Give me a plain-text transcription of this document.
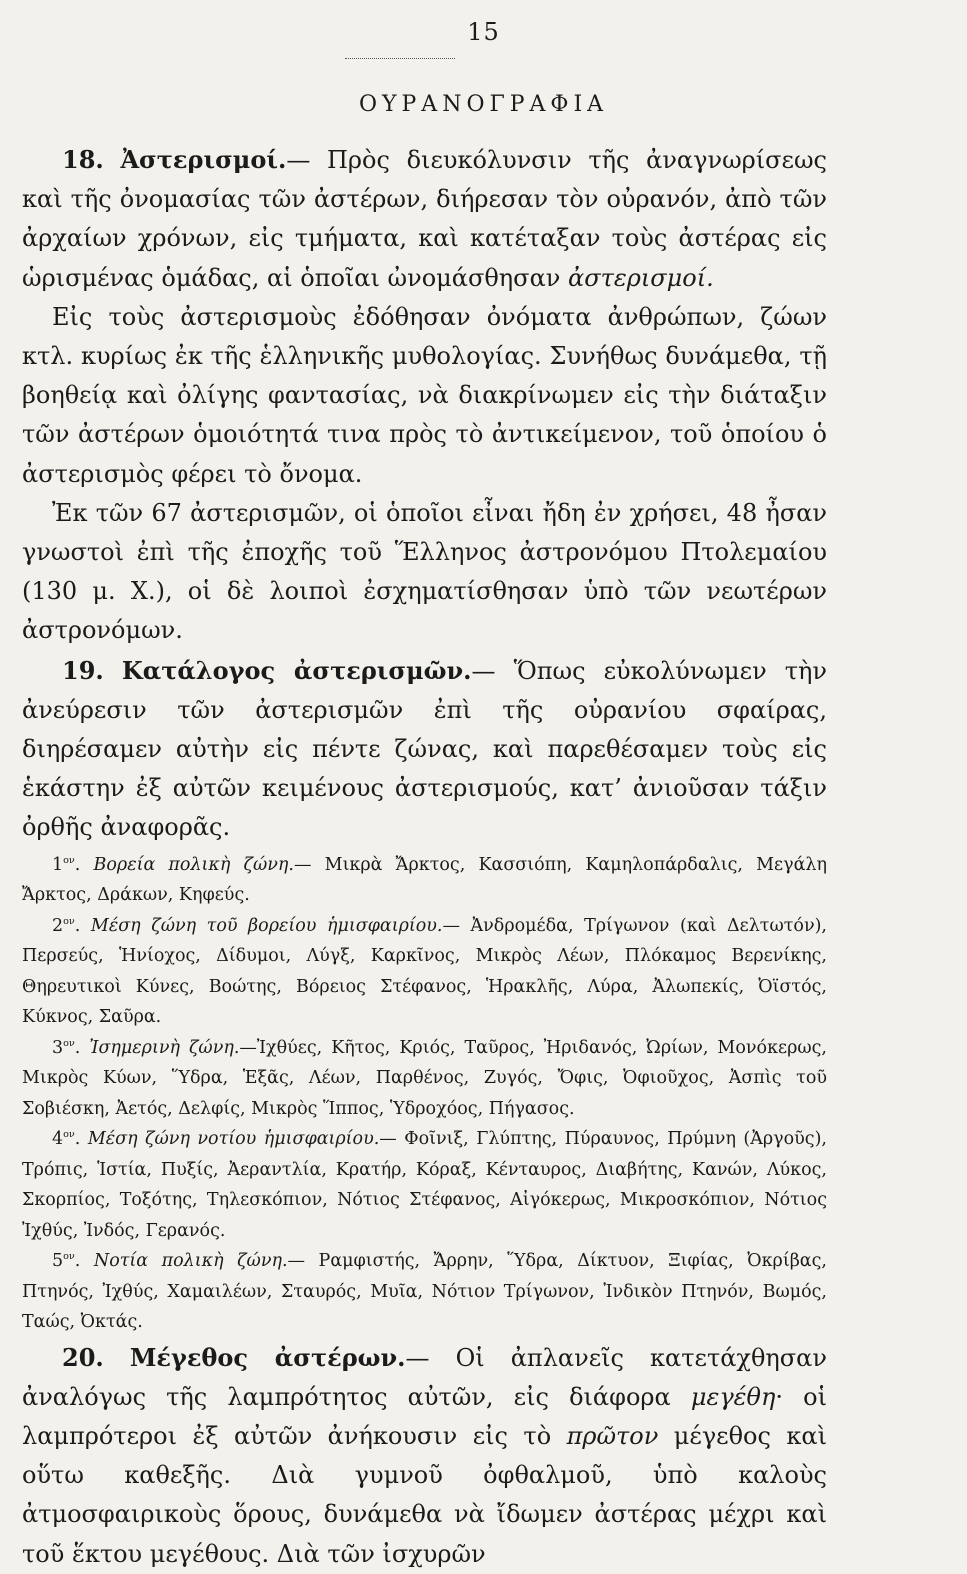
15
ΟΥΡΑΝΟΓΡΑΦΙΑ

18. Ἀστερισμοί.— Πρὸς διευκόλυνσιν τῆς ἀναγνωρίσεως καὶ τῆς ὀνομασίας τῶν ἀστέρων, διήρεσαν τὸν οὐρανόν, ἀπὸ τῶν ἀρχαίων χρόνων, εἰς τμήματα, καὶ κατέταξαν τοὺς ἀστέρας εἰς ὡρισμένας ὁμάδας, αἱ ὁποῖαι ὠνομάσθησαν ἀστερισμοί.

Εἰς τοὺς ἀστερισμοὺς ἐδόθησαν ὀνόματα ἀνθρώπων, ζώων κτλ. κυρίως ἐκ τῆς ἑλληνικῆς μυθολογίας. Συνήθως δυνάμεθα, τῇ βοηθείᾳ καὶ ὀλίγης φαντασίας, νὰ διακρίνωμεν εἰς τὴν διάταξιν τῶν ἀστέρων ὁμοιότητά τινα πρὸς τὸ ἀντικείμενον, τοῦ ὁποίου ὁ ἀστερισμὸς φέρει τὸ ὄνομα.

Ἐκ τῶν 67 ἀστερισμῶν, οἱ ὁποῖοι εἶναι ἤδη ἐν χρήσει, 48 ἦσαν γνωστοὶ ἐπὶ τῆς ἐποχῆς τοῦ Ἕλληνος ἀστρονόμου Πτολεμαίου (130 μ. Χ.), οἱ δὲ λοιποὶ ἐσχηματίσθησαν ὑπὸ τῶν νεωτέρων ἀστρονόμων.

19. Κατάλογος ἀστερισμῶν.— Ὅπως εὐκολύνωμεν τὴν ἀνεύρεσιν τῶν ἀστερισμῶν ἐπὶ τῆς οὐρανίου σφαίρας, διηρέσαμεν αὐτὴν εἰς πέντε ζώνας, καὶ παρεθέσαμεν τοὺς εἰς ἑκάστην ἐξ αὐτῶν κειμένους ἀστερισμούς, κατ’ ἀνιοῦσαν τάξιν ὀρθῆς ἀναφορᾶς.

$1^{o\nu}$. Βορεία πολικὴ ζώνη.— Μικρὰ Ἄρκτος, Κασσιόπη, Καμηλοπάρδαλις, Μεγάλη Ἄρκτος, Δράκων, Κηφεύς.

$2^{o\nu}$. Μέση ζώνη τοῦ βορείου ἡμισφαιρίου.— Ἀνδρομέδα, Τρίγωνον (καὶ Δελτωτόν), Περσεύς, Ἡνίοχος, Δίδυμοι, Λύγξ, Καρκῖνος, Μικρὸς Λέων, Πλόκαμος Βερενίκης, Θηρευτικοὶ Κύνες, Βοώτης, Βόρειος Στέφανος, Ἡρακλῆς, Λύρα, Ἀλωπεκίς, Ὀϊστός, Κύκνος, Σαῦρα.

$3^{o\nu}$. Ἰσημερινὴ ζώνη.—Ἰχθύες, Κῆτος, Κριός, Ταῦρος, Ἠριδανός, Ὠρίων, Μονόκερως, Μικρὸς Κύων, Ὕδρα, Ἑξᾶς, Λέων, Παρθένος, Ζυγός, Ὄφις, Ὀφιοῦχος, Ἀσπὶς τοῦ Σοβιέσκη, Ἀετός, Δελφίς, Μικρὸς Ἵππος, Ὑδροχόος, Πήγασος.

$4^{o\nu}$. Μέση ζώνη νοτίου ἡμισφαιρίου.— Φοῖνιξ, Γλύπτης, Πύραυνος, Πρύμνη (Ἀργοῦς), Τρόπις, Ἱστία, Πυξίς, Ἀεραντλία, Κρατήρ, Κόραξ, Κένταυρος, Διαβήτης, Κανών, Λύκος, Σκορπίος, Τοξότης, Τηλεσκόπιον, Νότιος Στέφανος, Αἰγόκερως, Μικροσκόπιον, Νότιος Ἰχθύς, Ἰνδός, Γερανός.

$5^{o\nu}$. Νοτία πολικὴ ζώνη.— Ραμφιστής, Ἄρρην, Ὕδρα, Δίκτυον, Ξιφίας, Ὀκρίβας, Πτηνός, Ἰχθύς, Χαμαιλέων, Σταυρός, Μυῖα, Νότιον Τρίγωνον, Ἰνδικὸν Πτηνόν, Βωμός, Ταώς, Ὀκτάς.

20. Μέγεθος ἀστέρων.— Οἱ ἀπλανεῖς κατετάχθησαν ἀναλόγως τῆς λαμπρότητος αὐτῶν, εἰς διάφορα μεγέθη· οἱ λαμπρότεροι ἐξ αὐτῶν ἀνήκουσιν εἰς τὸ πρῶτον μέγεθος καὶ οὕτω καθεξῆς. Διὰ γυμνοῦ ὀφθαλμοῦ, ὑπὸ καλοὺς ἀτμοσφαιρικοὺς ὅρους, δυνάμεθα νὰ ἴδωμεν ἀστέρας μέχρι καὶ τοῦ ἕκτου μεγέθους. Διὰ τῶν ἰσχυρῶν
